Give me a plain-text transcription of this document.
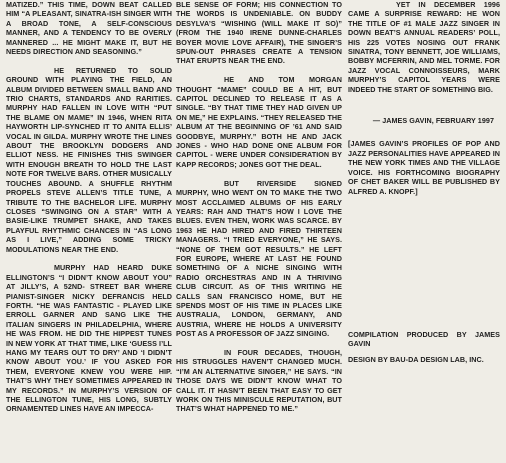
MATIZED.” THIS TIME, DOWN BEAT CALLED HIM “A PLEASANT, SINATRA-ISH SINGER WITH A BROAD TONE, A SELF-CONSCIOUS MANNER, AND A TENDENCY TO BE OVERLY MANNERED ... HE MIGHT MAKE IT, BUT HE NEEDS DIRECTION AND SEASONING.”

HE RETURNED TO SOLID GROUND WITH PLAYING THE FIELD, AN ALBUM DIVIDED BETWEEN SMALL BAND AND TRIO CHARTS, STANDARDS AND RARITIES. MURPHY HAD FALLEN IN LOVE WITH “PUT THE BLAME ON MAME” IN 1946, WHEN RITA HAYWORTH LIP-SYNCHED IT TO ANITA ELLIS’ VOCAL IN GILDA. MURPHY WROTE THE LINES ABOUT THE BROOKLYN DODGERS AND ELLIOT NESS. HE FINISHES THIS SWINGER WITH ENOUGH BREATH TO HOLD THE LAST NOTE FOR TWELVE BARS. OTHER MUSICALLY TOUCHES ABOUND. A SHUFFLE RHYTHM PROPELS STEVE ALLEN’S TITLE TUNE, A TRIBUTE TO THE BACHELOR LIFE. MURPHY CLOSES “SWINGING ON A STAR” WITH A BASIE-LIKE TRUMPET SHAKE, AND TAKES PLAYFUL RHYTHMIC CHANCES IN “AS LONG AS I LIVE,” ADDING SOME TRICKY MODULATIONS NEAR THE END.

MURPHY HAD HEARD DUKE ELLINGTON’S “I DIDN’T KNOW ABOUT YOU” AT JILLY’S, A 52ND- STREET BAR WHERE PIANIST-SINGER NICKY DEFRANCIS HELD FORTH. “HE WAS FANTASTIC - PLAYED LIKE ERROLL GARNER AND SANG LIKE THE ITALIAN SINGERS IN PHILADELPHIA, WHERE HE WAS FROM. HE DID THE HIPPEST TUNES IN NEW YORK AT THAT TIME, LIKE ‘GUESS I’LL HANG MY TEARS OUT TO DRY’ AND ‘I DIDN’T KNOW ABOUT YOU.’ IF YOU ASKED FOR THEM, EVERYONE KNEW YOU WERE HIP. THAT’S WHY THEY SOMETIMES APPEARED IN MY RECORDS.” IN MURPHY’S VERSION OF THE ELLINGTON TUNE, HIS LONG, SUBTLY ORNAMENTED LINES HAVE AN IMPECCA-

BLE SENSE OF FORM; HIS CONNECTION TO THE WORDS IS UNDENIABLE. ON BUDDY DESYLVA’S “WISHING (WILL MAKE IT SO)” (FROM THE 1940 IRENE DUNNE-CHARLES BOYER MOVIE LOVE AFFAIR), THE SINGER’S SPUN-OUT PHRASES CREATE A TENSION THAT ERUPTS NEAR THE END.

HE AND TOM MORGAN THOUGHT “MAME” COULD BE A HIT, BUT CAPITOL DECLINED TO RELEASE IT AS A SINGLE. “BY THAT TIME THEY HAD GIVEN UP ON ME,” HE EXPLAINS. “THEY RELEASED THE ALBUM AT THE BEGINNING OF ’61 AND SAID GOODBYE, MURPHY.” BOTH HE AND JACK JONES - WHO HAD DONE ONE ALBUM FOR CAPITOL - WERE UNDER CONSIDERATION BY KAPP RECORDS; JONES GOT THE DEAL.

BUT RIVERSIDE SIGNED MURPHY, WHO WENT ON TO MAKE THE TWO MOST ACCLAIMED ALBUMS OF HIS EARLY YEARS: RAH AND THAT’S HOW I LOVE THE BLUES. EVEN THEN, WORK WAS SCARCE. BY 1963 HE HAD HIRED AND FIRED THIRTEEN MANAGERS. “I TRIED EVERYONE,” HE SAYS. “NONE OF THEM GOT RESULTS.” HE LEFT FOR EUROPE, WHERE AT LAST HE FOUND SOMETHING OF A NICHE SINGING WITH RADIO ORCHESTRAS AND IN A THRIVING CLUB CIRCUIT. AS OF THIS WRITING HE CALLS SAN FRANCISCO HOME, BUT HE SPENDS MOST OF HIS TIME IN PLACES LIKE AUSTRALIA, LONDON, GERMANY, AND AUSTRIA, WHERE HE HOLDS A UNIVERSITY POST AS A PROFESSOR OF JAZZ SINGING.

IN FOUR DECADES, THOUGH, HIS STRUGGLES HAVEN’T CHANGED MUCH. “I’M AN ALTERNATIVE SINGER,” HE SAYS. “IN THOSE DAYS WE DIDN’T KNOW WHAT TO CALL IT. IT HASN’T BEEN THAT EASY TO GET WORK ON THIS MINISCULE REPUTATION, BUT THAT’S WHAT HAPPENED TO ME.”

YET IN DECEMBER 1996 CAME A SURPRISE REWARD: HE WON THE TITLE OF #1 MALE JAZZ SINGER IN DOWN BEAT’S ANNUAL READERS’ POLL, HIS 225 VOTES NOSING OUT FRANK SINATRA, TONY BENNETT, JOE WILLIAMS, BOBBY MCFERRIN, AND MEL TORME. FOR JAZZ VOCAL CONNOISSEURS, MARK MURPHY’S CAPITOL YEARS WERE INDEED THE START OF SOMETHING BIG.

— JAMES GAVIN, FEBRUARY 1997

[JAMES GAVIN’S PROFILES OF POP AND JAZZ PERSONALITIES HAVE APPEARED IN THE NEW YORK TIMES AND THE VILLAGE VOICE. HIS FORTHCOMING BIOGRAPHY OF CHET BAKER WILL BE PUBLISHED BY ALFRED A. KNOPF.]

COMPILATION PRODUCED BY JAMES GAVIN

DESIGN BY BAU-DA DESIGN LAB, INC.
